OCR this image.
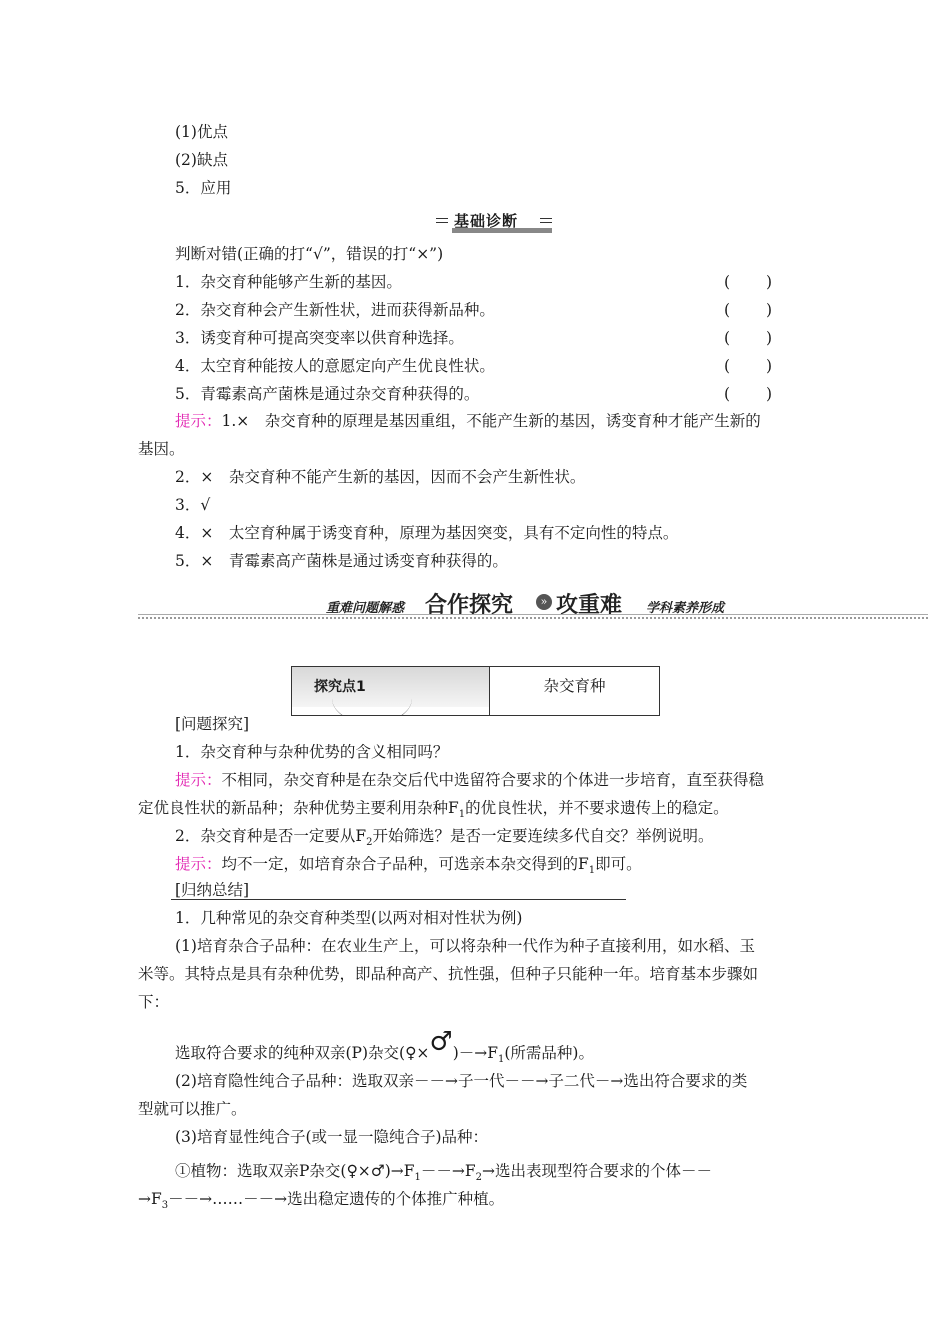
(1)优点
(2)缺点
5．应用
基础诊断
判断对错(正确的打“√”，错误的打“×”)
1．杂交育种能够产生新的基因。	( )
2．杂交育种会产生新性状，进而获得新品种。	( )
3．诱变育种可提高突变率以供育种选择。	( )
4．太空育种能按人的意愿定向产生优良性状。	( )
5．青霉素高产菌株是通过杂交育种获得的。	( )
提示：1.×　杂交育种的原理是基因重组，不能产生新的基因，诱变育种才能产生新的
基因。
2．×　杂交育种不能产生新的基因，因而不会产生新性状。
3．√
4．×　太空育种属于诱变育种，原理为基因突变，具有不定向性的特点。
5．×　青霉素高产菌株是通过诱变育种获得的。
重难问题解惑 合作探究	» 攻重难 学科素养形成
探究点1	杂交育种
[问题探究]
1．杂交育种与杂种优势的含义相同吗？
提示：不相同，杂交育种是在杂交后代中选留符合要求的个体进一步培育，直至获得稳
定优良性状的新品种；杂种优势主要利用杂种$F_1$的优良性状，并不要求遗传上的稳定。
2．杂交育种是否一定要从$F_2$开始筛选？是否一定要连续多代自交？举例说明。
提示：均不一定，如培育杂合子品种，可选亲本杂交得到的$F_1$即可。
[归纳总结]
1．几种常见的杂交育种类型(以两对相对性状为例)
(1)培育杂合子品种：在农业生产上，可以将杂种一代作为种子直接利用，如水稻、玉
米等。其特点是具有杂种优势，即品种高产、抗性强，但种子只能种一年。培育基本步骤如
下：
选取符合要求的纯种双亲(P)杂交$(♀\times♂)-\to F_1$(所需品种)。
(2)培育隐性纯合子品种：选取双亲－－→子一代－－→子二代－→选出符合要求的类
型就可以推广。
(3)培育显性纯合子(或一显一隐纯合子)品种：
①植物：选取双亲P杂交$(♀\times♂)\to F_1--\to F_2\to$选出表现型符合要求的个体－－
$\to F_3--\to\dots\dots--\to$选出稳定遗传的个体推广种植。
